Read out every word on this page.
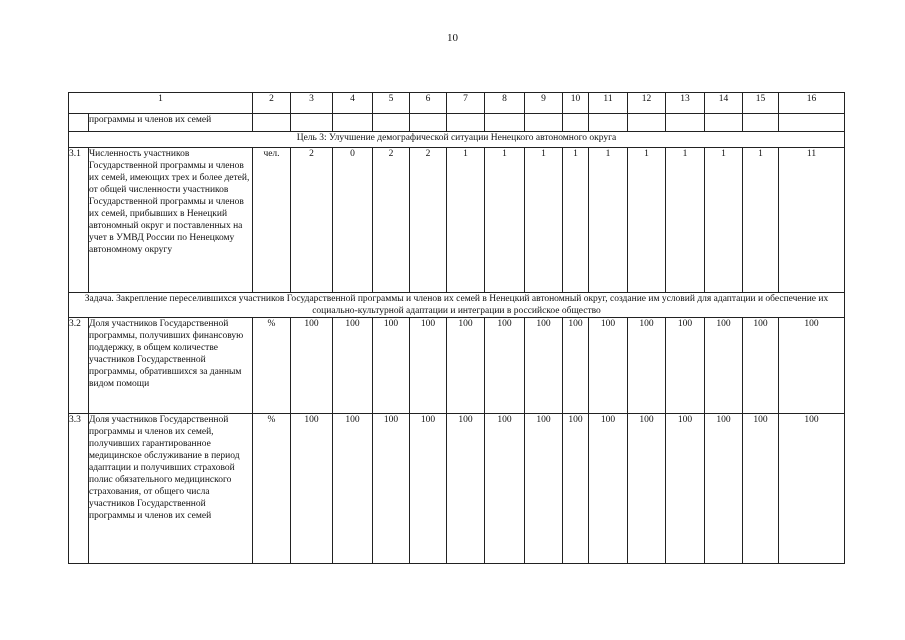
10
1		2	3	4	5	6	7	8	9	10	11	12	13	14	15	16	
	программы и членов их семей																
Цель 3: Улучшение демографической ситуации Ненецкого автономного округа																	
3.1	Численность участников Государственной программы и членов их семей, имеющих трех и более детей, от общей численности участников Государственной программы и членов их семей, прибывших в Ненецкий автономный округ и поставленных на учет в УМВД России по Ненецкому автономному округу	чел.	2	0	2	2	1	1	1	1	1	1	1	1	1	11	
Задача. Закрепление переселившихся участников Государственной программы и членов их семей в Ненецкий автономный округ, создание им условий для адаптации и обеспечение их социально-культурной адаптации и интеграции в российское общество																	
3.2	Доля участников Государственной программы, получивших финансовую поддержку, в общем количестве участников Государственной программы, обратившихся за данным видом помощи	%	100	100	100	100	100	100	100	100	100	100	100	100	100	100	
3.3	Доля участников Государственной программы и членов их семей, получивших гарантированное медицинское обслуживание в период адаптации и получивших страховой полис обязательного медицинского страхования, от общего числа участников Государственной программы и членов их семей	%	100	100	100	100	100	100	100	100	100	100	100	100	100	100	
